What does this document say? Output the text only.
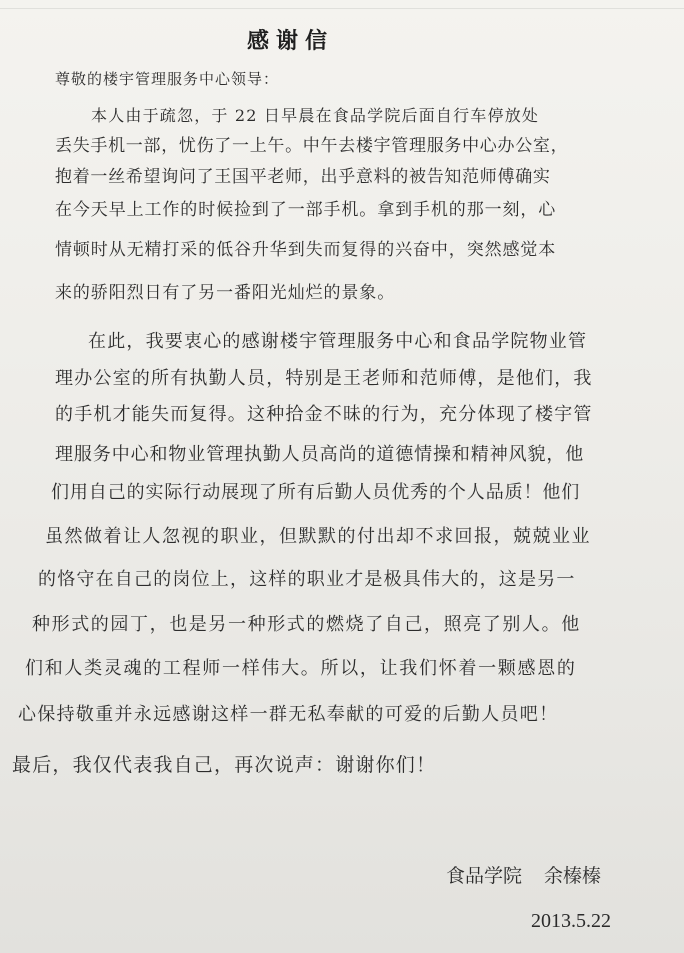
感谢信
尊敬的楼宇管理服务中心领导：
本人由于疏忽，于 22 日早晨在食品学院后面自行车停放处
丢失手机一部，忧伤了一上午。中午去楼宇管理服务中心办公室，
抱着一丝希望询问了王国平老师，出乎意料的被告知范师傅确实
在今天早上工作的时候捡到了一部手机。拿到手机的那一刻，心
情顿时从无精打采的低谷升华到失而复得的兴奋中，突然感觉本
来的骄阳烈日有了另一番阳光灿烂的景象。
在此，我要衷心的感谢楼宇管理服务中心和食品学院物业管
理办公室的所有执勤人员，特别是王老师和范师傅，是他们，我
的手机才能失而复得。这种拾金不昧的行为，充分体现了楼宇管
理服务中心和物业管理执勤人员高尚的道德情操和精神风貌，他
们用自己的实际行动展现了所有后勤人员优秀的个人品质！他们
虽然做着让人忽视的职业，但默默的付出却不求回报，兢兢业业
的恪守在自己的岗位上，这样的职业才是极具伟大的，这是另一
种形式的园丁，也是另一种形式的燃烧了自己，照亮了别人。他
们和人类灵魂的工程师一样伟大。所以，让我们怀着一颗感恩的
心保持敬重并永远感谢这样一群无私奉献的可爱的后勤人员吧！
最后，我仅代表我自己，再次说声：谢谢你们！
食品学院 余榛榛
2013.5.22
